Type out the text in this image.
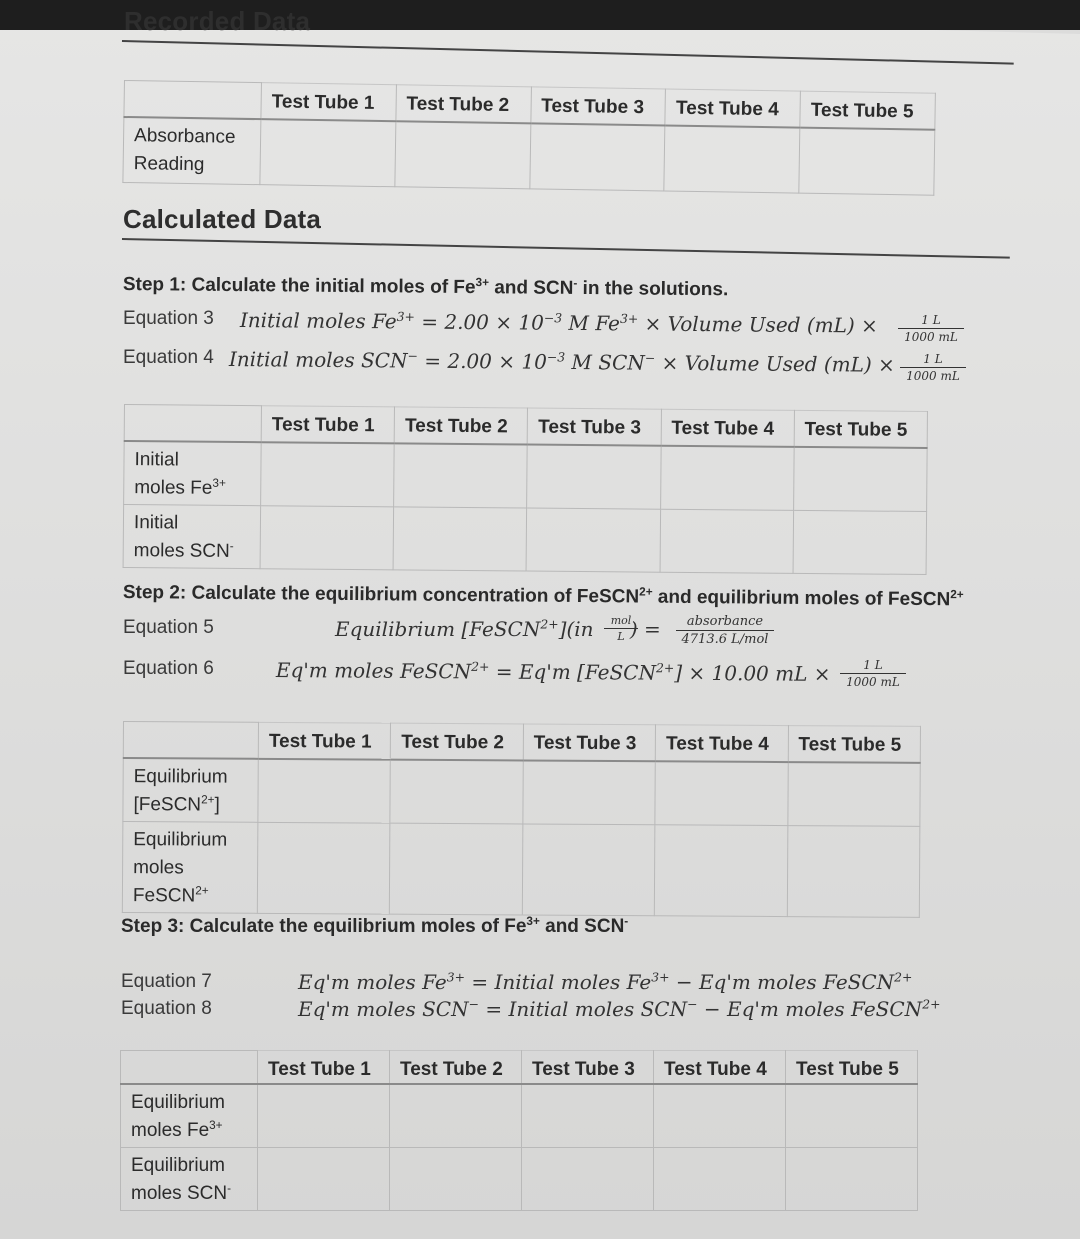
Recorded Data
	Test Tube 1	Test Tube 2	Test Tube 3	Test Tube 4	Test Tube 5

Absorbance
Reading					

Calculated Data
Step 1: Calculate the initial moles of $Fe^{3+}$ and SCN- in the solutions.
Equation 3 Initial moles $Fe^{3+} = 2.00 \times 10^{-3}$ M $Fe^{3+}$ × Volume Used $(mL) \times \frac{1 L}{1000 mL}$
Equation 4 Initial moles $SCN^- = 2.00 \times 10^{-3}$ M SCN− × Volume Used $(mL) \times \frac{1 L}{1000 mL}$
	Test Tube 1	Test Tube 2	Test Tube 3	Test Tube 4	Test Tube 5

Initial
moles $Fe^{3+}$

Initial
moles SCN-

Step 2: Calculate the equilibrium concentration of FeSCN$^{2+}$ and equilibrium moles of FeSCN$^{2+}$
Equation 5	Equilibrium [FeSCN$^{2+}$](in ) =
mol
L
absorbance
4713.6 L/mol
Equation 6	Eq'm moles FeSCN$^{2+}$ = Eq'm [FeSCN$^{2+}$] × 10.00 mL × $\frac{1 L}{1000 mL}$
	Test Tube 1	Test Tube 2	Test Tube 3	Test Tube 4	Test Tube 5

Equilibrium
[FeSCN$^{2+}$]					

Equilibrium
moles
FeSCN$^{2+}$

Step 3: Calculate the equilibrium moles of $Fe^{3+}$ and SCN-
Equation 7	Eq'm moles $Fe^{3+}$ = Initial moles $Fe^{3+} - Eq'm$ moles FeSCN$^{2+}$
Equation 8	Eq'm moles SCN− = Initial moles SCN− − Eq'm moles FeSCN$^{2+}$
	Test Tube 1	Test Tube 2	Test Tube 3	Test Tube 4	Test Tube 5

Equilibrium
moles $Fe^{3+}$

Equilibrium
moles SCN-
